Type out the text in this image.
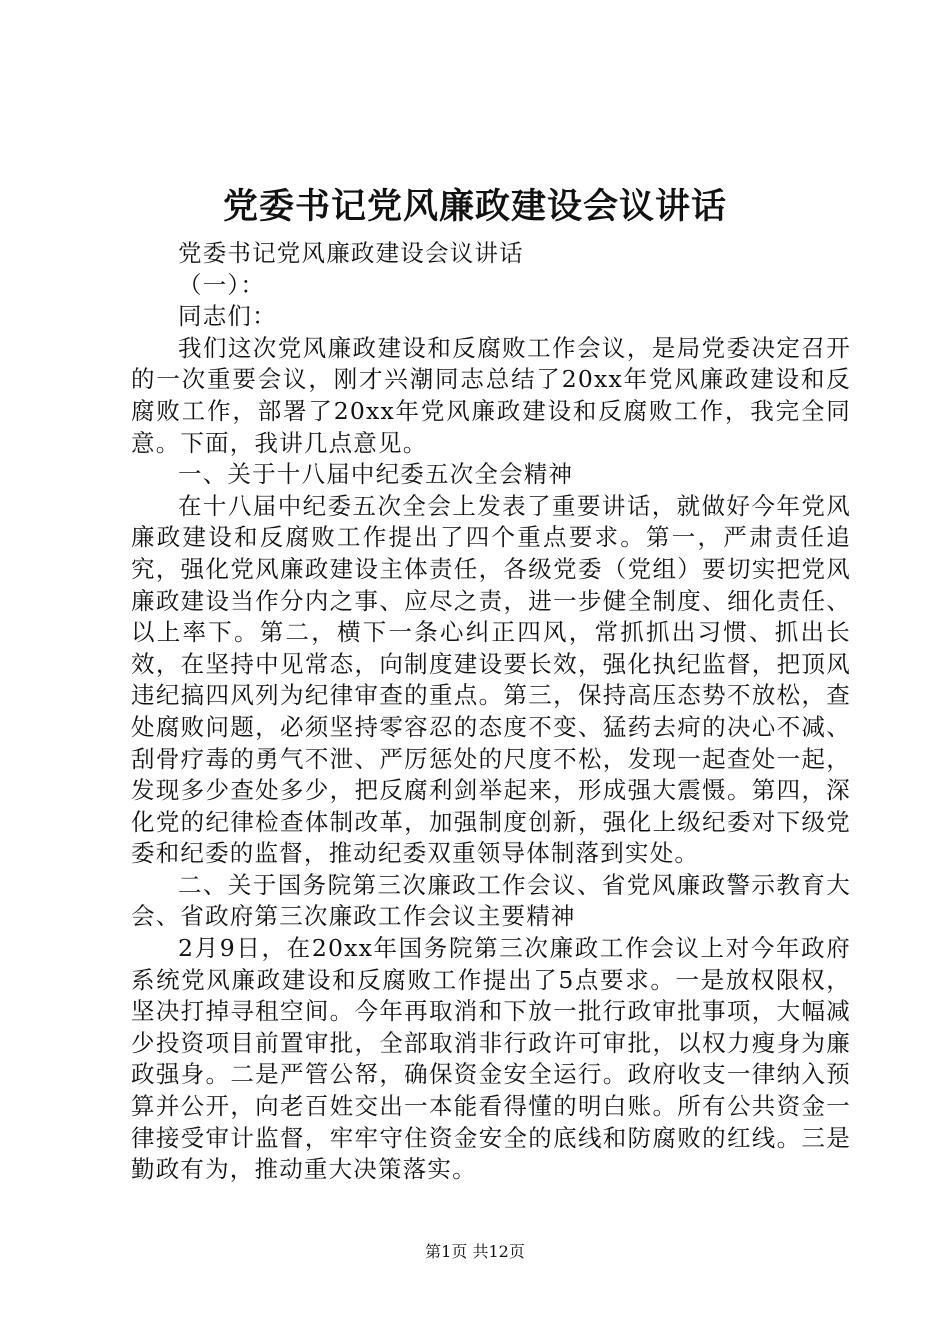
党委书记党风廉政建设会议讲话

党委书记党风廉政建设会议讲话

（一）：

同志们：

我们这次党风廉政建设和反腐败工作会议，是局党委决定召开的一次重要会议，刚才兴潮同志总结了20xx年党风廉政建设和反腐败工作，部署了20xx年党风廉政建设和反腐败工作，我完全同意。下面，我讲几点意见。

一、关于十八届中纪委五次全会精神

在十八届中纪委五次全会上发表了重要讲话，就做好今年党风廉政建设和反腐败工作提出了四个重点要求。第一，严肃责任追究，强化党风廉政建设主体责任，各级党委（党组）要切实把党风廉政建设当作分内之事、应尽之责，进一步健全制度、细化责任、以上率下。第二，横下一条心纠正四风，常抓抓出习惯、抓出长效，在坚持中见常态，向制度建设要长效，强化执纪监督，把顶风违纪搞四风列为纪律审查的重点。第三，保持高压态势不放松，查处腐败问题，必须坚持零容忍的态度不变、猛药去疴的决心不减、刮骨疗毒的勇气不泄、严厉惩处的尺度不松，发现一起查处一起，发现多少查处多少，把反腐利剑举起来，形成强大震慑。第四，深化党的纪律检查体制改革，加强制度创新，强化上级纪委对下级党委和纪委的监督，推动纪委双重领导体制落到实处。

二、关于国务院第三次廉政工作会议、省党风廉政警示教育大会、省政府第三次廉政工作会议主要精神

2月9日，在20xx年国务院第三次廉政工作会议上对今年政府系统党风廉政建设和反腐败工作提出了5点要求。一是放权限权，坚决打掉寻租空间。今年再取消和下放一批行政审批事项，大幅减少投资项目前置审批，全部取消非行政许可审批，以权力瘦身为廉政强身。二是严管公帑，确保资金安全运行。政府收支一律纳入预算并公开，向老百姓交出一本能看得懂的明白账。所有公共资金一律接受审计监督，牢牢守住资金安全的底线和防腐败的红线。三是勤政有为，推动重大决策落实。

第1页 共12页
